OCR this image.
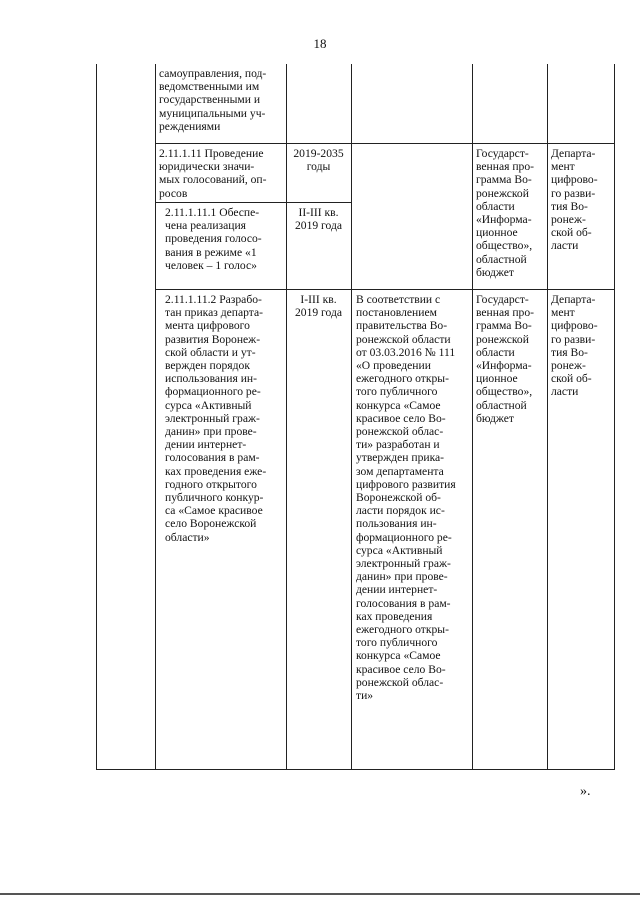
18
самоуправления, под-
ведомственными им
государственными и
муниципальными уч-
реждениями
2.11.1.11 Проведение
юридически значи-
мых голосований, оп-
росов
2019-2035
годы
Государст-
венная про-
грамма Во-
ронежской
области
«Информа-
ционное
общество»,
областной
бюджет
Департа-
мент
цифрово-
го разви-
тия Во-
ронеж-
ской об-
ласти
2.11.1.11.1 Обеспе-
чена реализация
проведения голосо-
вания в режиме «1
человек – 1 голос»
II-III кв.
2019 года
2.11.1.11.2 Разрабо-
тан приказ департа-
мента цифрового
развития Воронеж-
ской области и ут-
вержден порядок
использования ин-
формационного ре-
сурса «Активный
электронный граж-
данин» при прове-
дении интернет-
голосования в рам-
ках проведения еже-
годного открытого
публичного конкур-
са «Самое красивое
село Воронежской
области»
I-III кв.
2019 года
В соответствии с
постановлением
правительства Во-
ронежской области
от 03.03.2016 № 111
«О проведении
ежегодного откры-
того публичного
конкурса «Самое
красивое село Во-
ронежской облас-
ти» разработан и
утвержден прика-
зом департамента
цифрового развития
Воронежской об-
ласти порядок ис-
пользования ин-
формационного ре-
сурса «Активный
электронный граж-
данин» при прове-
дении интернет-
голосования в рам-
ках проведения
ежегодного откры-
того публичного
конкурса «Самое
красивое село Во-
ронежской облас-
ти»
Государст-
венная про-
грамма Во-
ронежской
области
«Информа-
ционное
общество»,
областной
бюджет
Департа-
мент
цифрово-
го разви-
тия Во-
ронеж-
ской об-
ласти
».
